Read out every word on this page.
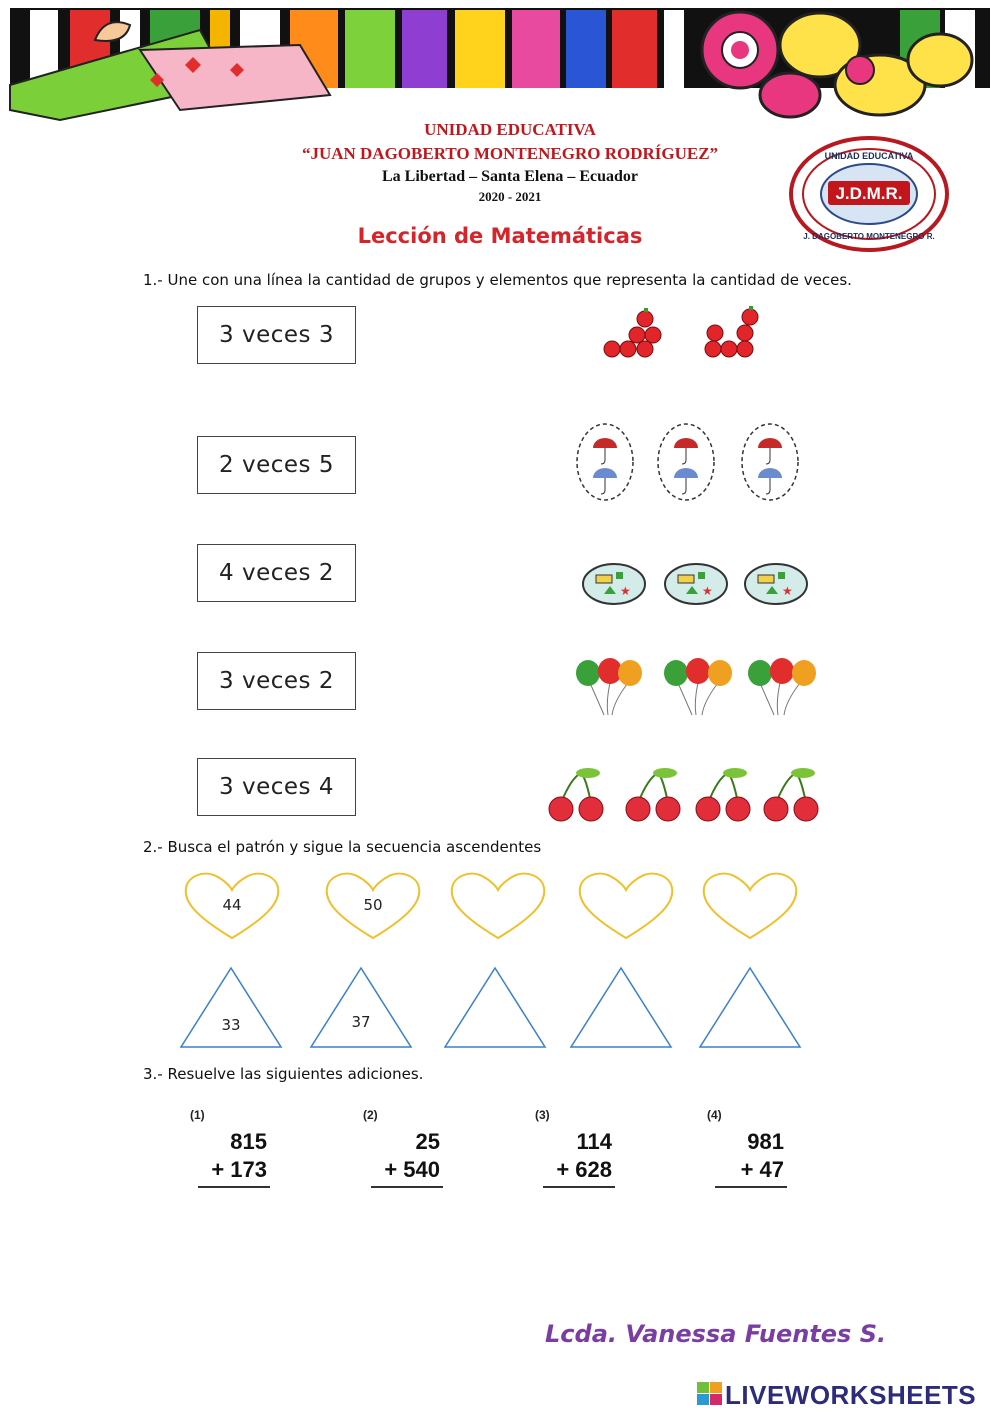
UNIDAD EDUCATIVA
“JUAN DAGOBERTO MONTENEGRO RODRÍGUEZ”
La Libertad – Santa Elena – Ecuador
2020 - 2021	J.D.M.R.
UNIDAD EDUCATIVA
J. DAGOBERTO MONTENEGRO R.
Lección de Matemáticas
1.- Une con una línea la cantidad de grupos y elementos que representa la cantidad de veces.
3 veces 3
2 veces 5
4 veces 2
3 veces 2
3 veces 4
★	★	★
2.- Busca el patrón y sigue la secuencia ascendentes
44	50
33	37
3.- Resuelve las siguientes adiciones.
(1)
815
+ 173
(2)
25
+ 540
(3)
114
+ 628
(4)
981
+ 47
Lcda. Vanessa Fuentes S.
LIVEWORKSHEETS
